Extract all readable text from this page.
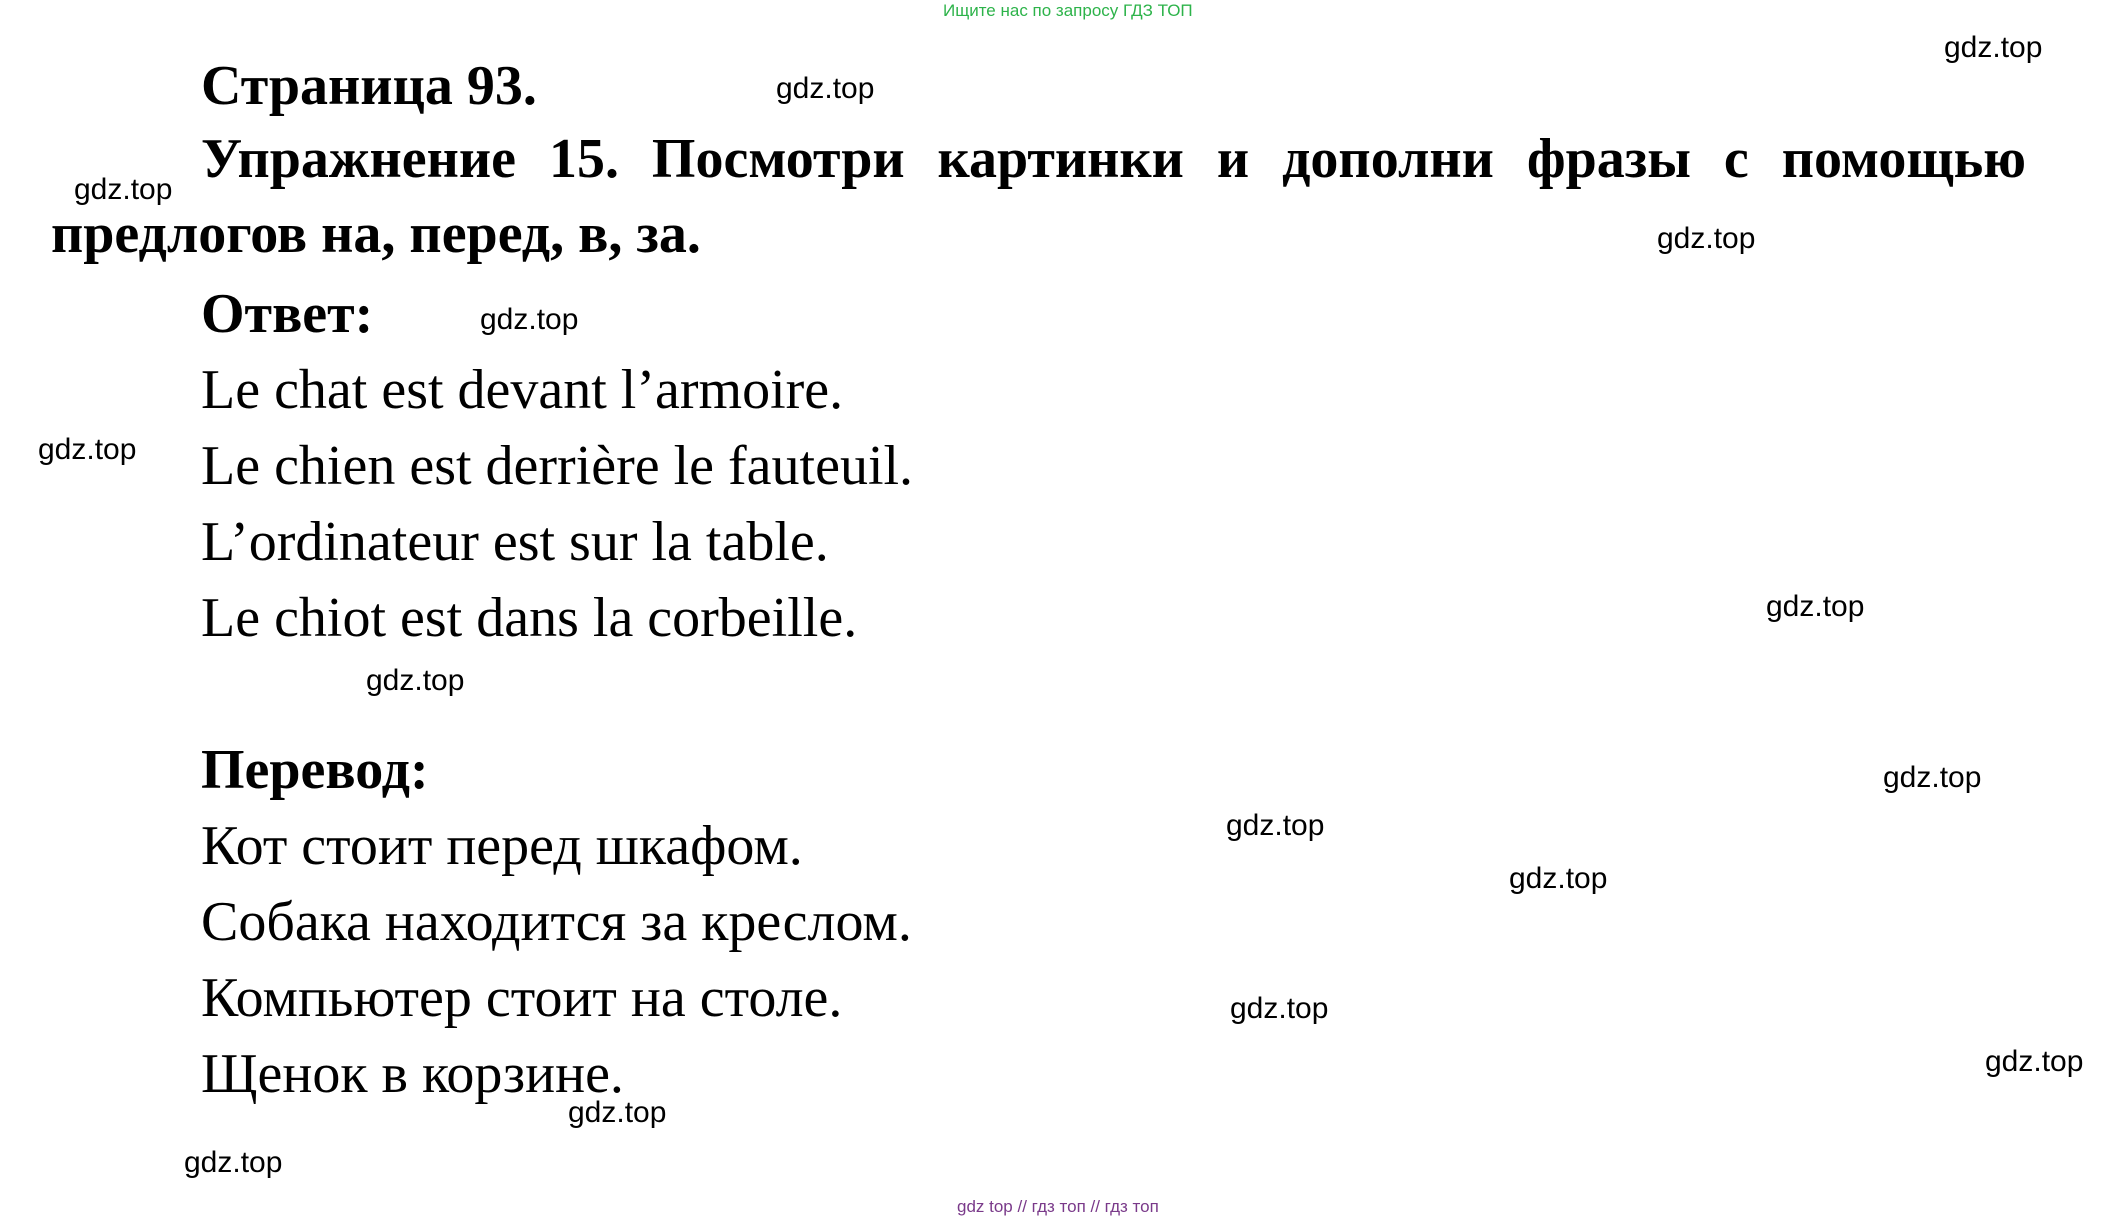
Ищите нас по запросу ГДЗ ТОП
Страница 93.
Упражнение 15. Посмотри картинки и дополни фразы с помощью предлогов на, перед, в, за.
Ответ:
Le chat est devant l’armoire.
Le chien est derrière le fauteuil.
L’ordinateur est sur la table.
Le chiot est dans la corbeille.
Перевод:
Кот стоит перед шкафом.
Собака находится за креслом.
Компьютер стоит на столе.
Щенок в корзине.
gdz.top
gdz.top
gdz.top
gdz.top
gdz.top
gdz.top
gdz.top
gdz.top
gdz.top
gdz.top
gdz.top
gdz.top
gdz.top
gdz.top
gdz.top
gdz top // гдз топ // гдз топ
